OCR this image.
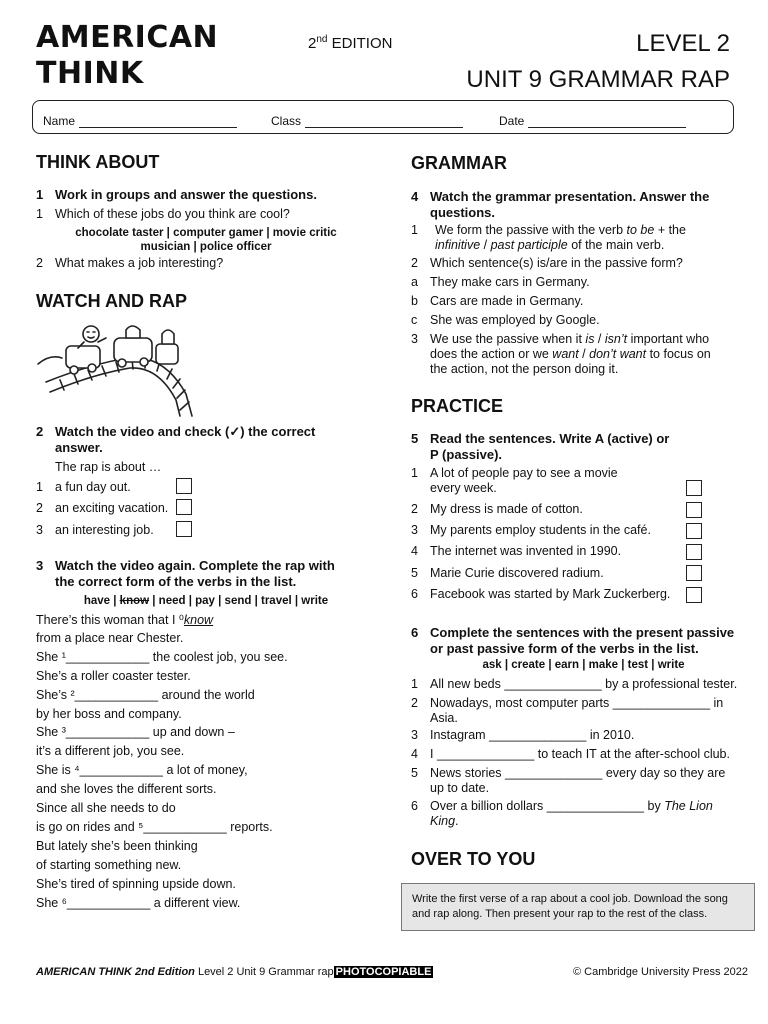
AMERICAN
THINK
2nd EDITION	LEVEL 2
UNIT 9 GRAMMAR RAP
Name	Class	Date
THINK ABOUT
1 Work in groups and answer the questions.
1 Which of these jobs do you think are cool?
chocolate taster | computer gamer | movie critic
musician | police officer
2 What makes a job interesting?
WATCH AND RAP
2 Watch the video and check (✓) the correct
answer.
The rap is about …
1 a fun day out.
2 an exciting vacation.
3 an interesting job.
3 Watch the video again. Complete the rap with
the correct form of the verbs in the list.
have | know | need | pay | send | travel | write
There’s this woman that I ⁰know
from a place near Chester.
She ¹____________ the coolest job, you see.
She’s a roller coaster tester.
She’s ²____________ around the world
by her boss and company.
She ³____________ up and down –
it’s a different job, you see.
She is ⁴____________ a lot of money,
and she loves the different sorts.
Since all she needs to do
is go on rides and ⁵____________ reports.
But lately she’s been thinking
of starting something new.
She’s tired of spinning upside down.
She ⁶____________ a different view.
GRAMMAR
4 Watch the grammar presentation. Answer the
questions.
1 We form the passive with the verb to be + the
infinitive / past participle of the main verb.
2 Which sentence(s) is/are in the passive form?
a They make cars in Germany.
b Cars are made in Germany.
c She was employed by Google.
3 We use the passive when it is / isn’t important who
does the action or we want / don’t want to focus on
the action, not the person doing it.
PRACTICE
5 Read the sentences. Write A (active) or
P (passive).
1 A lot of people pay to see a movie
every week.
2 My dress is made of cotton.
3 My parents employ students in the café.
4 The internet was invented in 1990.
5 Marie Curie discovered radium.
6 Facebook was started by Mark Zuckerberg.
6 Complete the sentences with the present passive
or past passive form of the verbs in the list.
ask | create | earn | make | test | write
1 All new beds ______________ by a professional tester.
2 Nowadays, most computer parts ______________ in
Asia.
3 Instagram ______________ in 2010.
4 I ______________ to teach IT at the after-school club.
5 News stories ______________ every day so they are
up to date.
6 Over a billion dollars ______________ by The Lion
King.
OVER TO YOU
Write the first verse of a rap about a cool job. Download the song
and rap along. Then present your rap to the rest of the class.
AMERICAN THINK 2nd Edition Level 2 Unit 9 Grammar rap PHOTOCOPIABLE	© Cambridge University Press 2022
